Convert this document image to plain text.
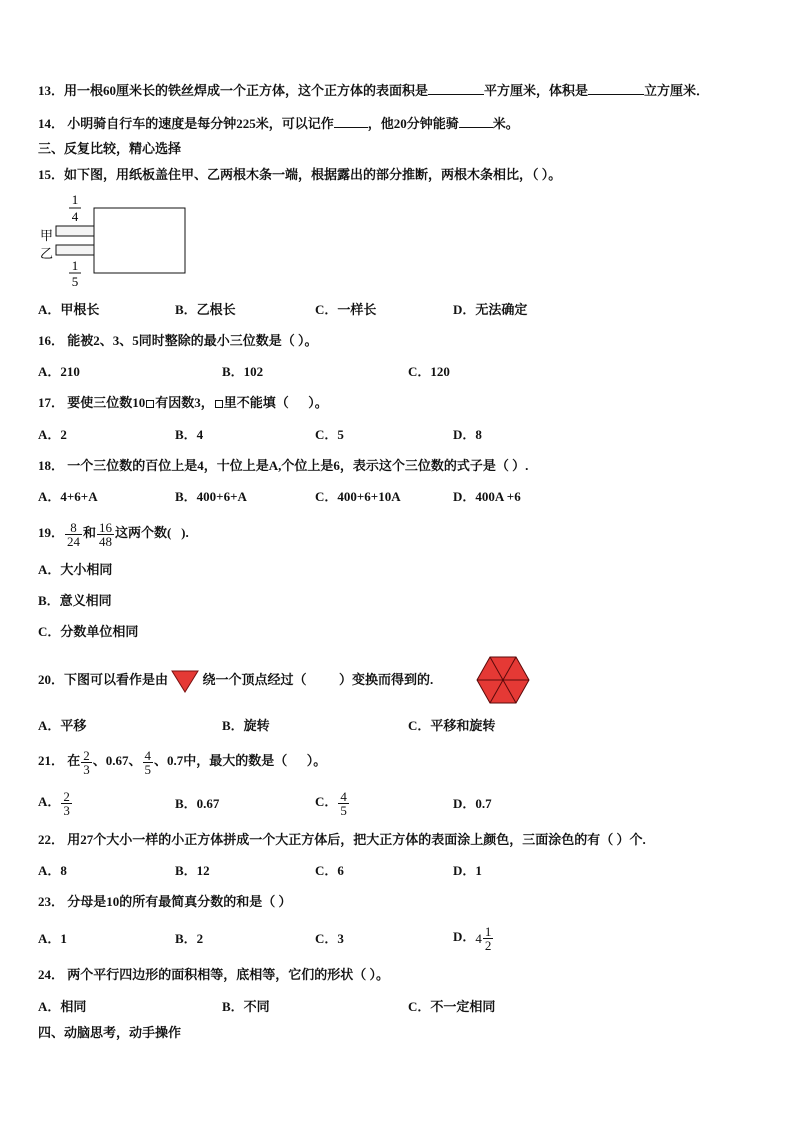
13．用一根60厘米长的铁丝焊成一个正方体，这个正方体的表面积是	平方厘米，体积是	立方厘米．
14． 小明骑自行车的速度是每分钟225米，可以记作	，他20分钟能骑	米。
三、反复比较，精心选择
15．如下图，用纸板盖住甲、乙两根木条一端，根据露出的部分推断，两根木条相比，（ ）。
1
4
甲
乙
1
5
A．甲根长	B．乙根长	C．一样长	D．无法确定
16． 能被2、3、5同时整除的最小三位数是（ ）。
A．210	B．102	C．120
17． 要使三位数10 有因数3， 里不能填（      ）。
A．2	B．4	C．5	D．8
18． 一个三位数的百位上是4，十位上是A,个位上是6，表示这个三位数的式子是（ ）.
A．4+6+A	B．400+6+A	C．400+6+10A	D．400A +6
19． $\frac{8}{24}$ 和 $\frac{16}{48}$ 这两个数(   ).
A．大小相同
B．意义相同
C．分数单位相同
20．下图可以看作是由	绕一个顶点经过（          ）变换而得到的.
A．平移	B．旋转	C．平移和旋转
21． 在 $\frac{2}{3}$ 、0.67、 $\frac{4}{5}$ 、0.7中，最大的数是（      ）。
A． $\frac{2}{3}$	B．0.67	C． $\frac{4}{5}$	D．0.7
22． 用27个大小一样的小正方体拼成一个大正方体后，把大正方体的表面涂上颜色，三面涂色的有（ ）个.
A．8	B．12	C．6	D．1
23． 分母是10的所有最简真分数的和是（ ）
A．1	B．2	C．3	D．$4 \frac{1}{2}$
24． 两个平行四边形的面积相等，底相等，它们的形状（ ）。
A．相同	B．不同	C．不一定相同
四、动脑思考，动手操作
